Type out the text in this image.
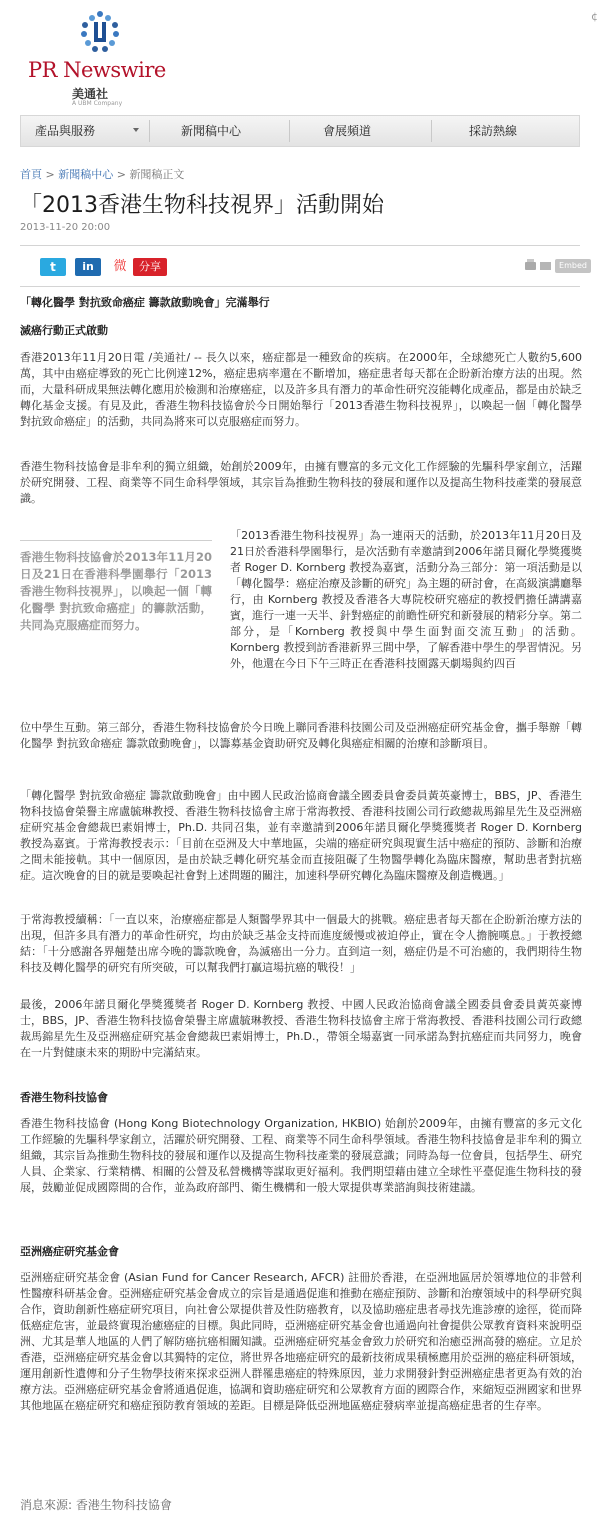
PR Newswire
美通社
A UBM Company
¢
產品與服務	新聞稿中心	會展頻道	採訪熱線
首頁 > 新聞稿中心 > 新聞稿正文
「2013香港生物科技視界」活動開始
2013-11-20 20:00
t	in	微	分享	Embed
「轉化醫學 對抗致命癌症 籌款啟動晚會」完滿舉行
滅癌行動正式啟動
香港2013年11月20日電 /美通社/ -- 長久以來，癌症都是一種致命的疾病。在2000年，全球總死亡人數約5,600萬，其中由癌症導致的死亡比例達12%，癌症患病率還在不斷增加，癌症患者每天都在企盼新治療方法的出現。然而，大量科研成果無法轉化應用於檢測和治療癌症，以及許多具有潛力的革命性研究沒能轉化成產品，都是由於缺乏轉化基金支援。有見及此，香港生物科技協會於今日開始舉行「2013香港生物科技視界」，以喚起一個「轉化醫學 對抗致命癌症」的活動，共同為將來可以克服癌症而努力。
香港生物科技協會是非牟利的獨立組織，始創於2009年，由擁有豐富的多元文化工作經驗的先驅科學家創立，活躍於研究開發、工程、商業等不同生命科學領域，其宗旨為推動生物科技的發展和運作以及提高生物科技產業的發展意識。
香港生物科技協會於2013年11月20日及21日在香港科學園舉行「2013香港生物科技視界」，以喚起一個「轉化醫學 對抗致命癌症」的籌款活動，共同為克服癌症而努力。
「2013香港生物科技視界」為一連兩天的活動，於2013年11月20日及21日於香港科學園舉行，是次活動有幸邀請到2006年諾貝爾化學獎獲獎者 Roger D. Kornberg 教授為嘉賓，活動分為三部分：第一項活動是以「轉化醫學：癌症治療及診斷的研究」為主題的研討會，在高級演講廳舉行，由 Kornberg 教授及香港各大專院校研究癌症的教授們擔任講講嘉賓，進行一連一天半、針對癌症的前瞻性研究和新發展的精彩分享。第二部分，是「Kornberg 教授與中學生面對面交流互動」的活動。Kornberg 教授到訪香港新界三間中學，了解香港中學生的學習情況。另外，他還在今日下午三時正在香港科技園露天劇場與約四百
位中學生互動。第三部分，香港生物科技協會於今日晚上聯同香港科技園公司及亞洲癌症研究基金會，攜手舉辦「轉化醫學 對抗致命癌症 籌款啟動晚會」，以籌募基金資助研究及轉化與癌症相關的治療和診斷項目。
「轉化醫學 對抗致命癌症 籌款啟動晚會」由中國人民政治協商會議全國委員會委員黃英豪博士，BBS，JP、香港生物科技協會榮譽主席盧毓琳教授、香港生物科技協會主席于常海教授、香港科技園公司行政總裁馬錦星先生及亞洲癌症研究基金會總裁巴素娟博士，Ph.D. 共同召集，並有幸邀請到2006年諾貝爾化學獎獲獎者 Roger D. Kornberg 教授為嘉賓。于常海教授表示：「目前在亞洲及大中華地區，尖端的癌症研究與現實生活中癌症的預防、診斷和治療之間未能接軌。其中一個原因，是由於缺乏轉化研究基金而直接阻礙了生物醫學轉化為臨床醫療，幫助患者對抗癌症。這次晚會的目的就是要喚起社會對上述問題的關注，加速科學研究轉化為臨床醫療及創造機遇。」
于常海教授續稱：「一直以來，治療癌症都是人類醫學界其中一個最大的挑戰。癌症患者每天都在企盼新治療方法的出現，但許多具有潛力的革命性研究，均由於缺乏基金支持而進度緩慢或被迫停止，實在令人擔腕嘆息。」于教授總結：「十分感謝各界翹楚出席今晚的籌款晚會，為滅癌出一分力。直到這一刻，癌症仍是不可治癒的，我們期待生物科技及轉化醫學的研究有所突破，可以幫我們打贏這場抗癌的戰役！」
最後，2006年諾貝爾化學獎獲獎者 Roger D. Kornberg 教授、中國人民政治協商會議全國委員會委員黃英豪博士，BBS，JP、香港生物科技協會榮譽主席盧毓琳教授、香港生物科技協會主席于常海教授、香港科技園公司行政總裁馬錦星先生及亞洲癌症研究基金會總裁巴素娟博士，Ph.D.，帶領全場嘉賓一同承諾為對抗癌症而共同努力，晚會在一片對健康未來的期盼中完滿結束。
香港生物科技協會
香港生物科技協會 (Hong Kong Biotechnology Organization, HKBIO) 始創於2009年，由擁有豐富的多元文化工作經驗的先驅科學家創立，活躍於研究開發、工程、商業等不同生命科學領域。香港生物科技協會是非牟利的獨立組織，其宗旨為推動生物科技的發展和運作以及提高生物科技產業的發展意識；同時為每一位會員，包括學生、研究人員、企業家、行業精構、相關的公營及私營機構等謀取更好福利。我們期望藉由建立全球性平臺促進生物科技的發展，鼓勵並促成國際間的合作，並為政府部門、衛生機構和一般大眾提供專業諮詢與技術建議。
亞洲癌症研究基金會
亞洲癌症研究基金會 (Asian Fund for Cancer Research, AFCR) 註冊於香港，在亞洲地區居於領導地位的非營利性醫療科研基金會。亞洲癌症研究基金會成立的宗旨是通過促進和推動在癌症預防、診斷和治療領域中的科學研究與合作，資助創新性癌症研究項目，向社會公眾提供普及性防癌教育，以及協助癌症患者尋找先進診療的途徑，從而降低癌症危害，並最終實現治癒癌症的目標。與此同時，亞洲癌症研究基金會也通過向社會提供公眾教育資料來說明亞洲、尤其是華人地區的人們了解防癌抗癌相關知識。亞洲癌症研究基金會致力於研究和治癒亞洲高發的癌症。立足於香港，亞洲癌症研究基金會以其獨特的定位，將世界各地癌症研究的最新技術成果積極應用於亞洲的癌症科研領域，運用創新性遺傳和分子生物學技術來探求亞洲人群罹患癌症的特殊原因，並力求開發針對亞洲癌症患者更為有效的治療方法。亞洲癌症研究基金會將通過促進，協調和資助癌症研究和公眾教育方面的國際合作，來縮短亞洲國家和世界其他地區在癌症研究和癌症預防教育領域的差距。目標是降低亞洲地區癌症發病率並提高癌症患者的生存率。
消息來源: 香港生物科技協會
